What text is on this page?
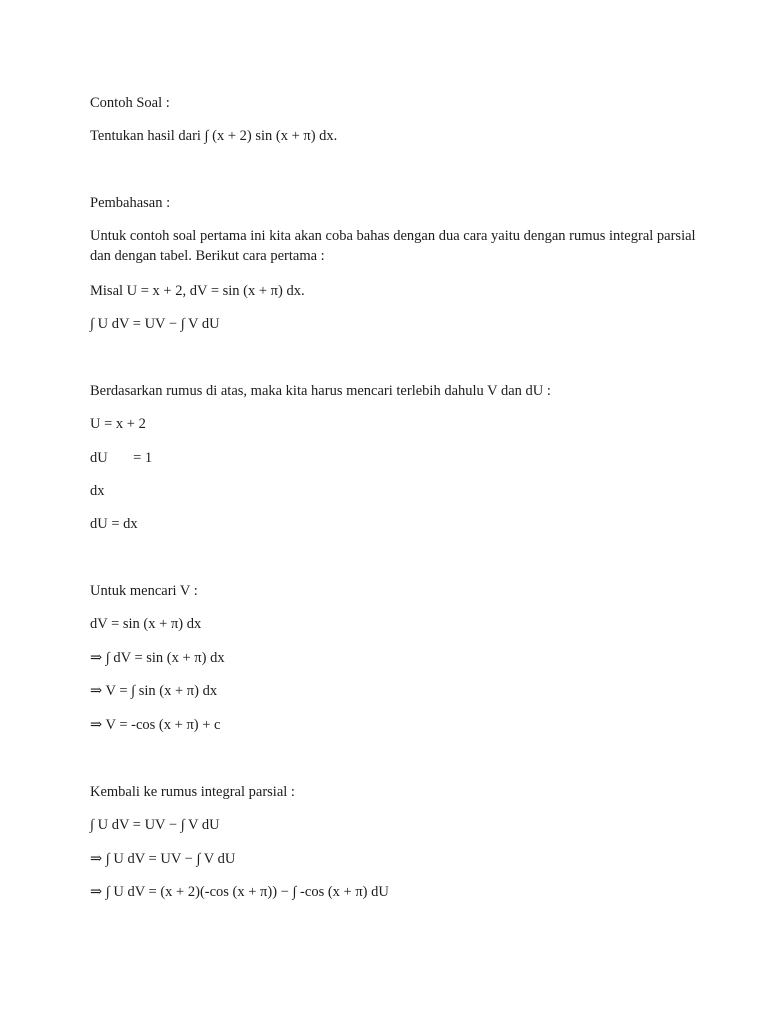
Contoh Soal :

Tentukan hasil dari ∫ (x + 2) sin (x + π) dx.

Pembahasan :

Untuk contoh soal pertama ini kita akan coba bahas dengan dua cara yaitu dengan rumus integral parsial dan dengan tabel. Berikut cara pertama :

Misal U = x + 2, dV = sin (x + π) dx.

∫ U dV = UV − ∫ V dU

Berdasarkan rumus di atas, maka kita harus mencari terlebih dahulu V dan dU :

U = x + 2

dU       = 1

dx

dU = dx

Untuk mencari V :

dV = sin (x + π) dx

⇒ ∫ dV = sin (x + π) dx

⇒ V = ∫ sin (x + π) dx

⇒ V = -cos (x + π) + c

Kembali ke rumus integral parsial :

∫ U dV = UV − ∫ V dU

⇒ ∫ U dV = UV − ∫ V dU

⇒ ∫ U dV = (x + 2)(-cos (x + π)) − ∫ -cos (x + π) dU
